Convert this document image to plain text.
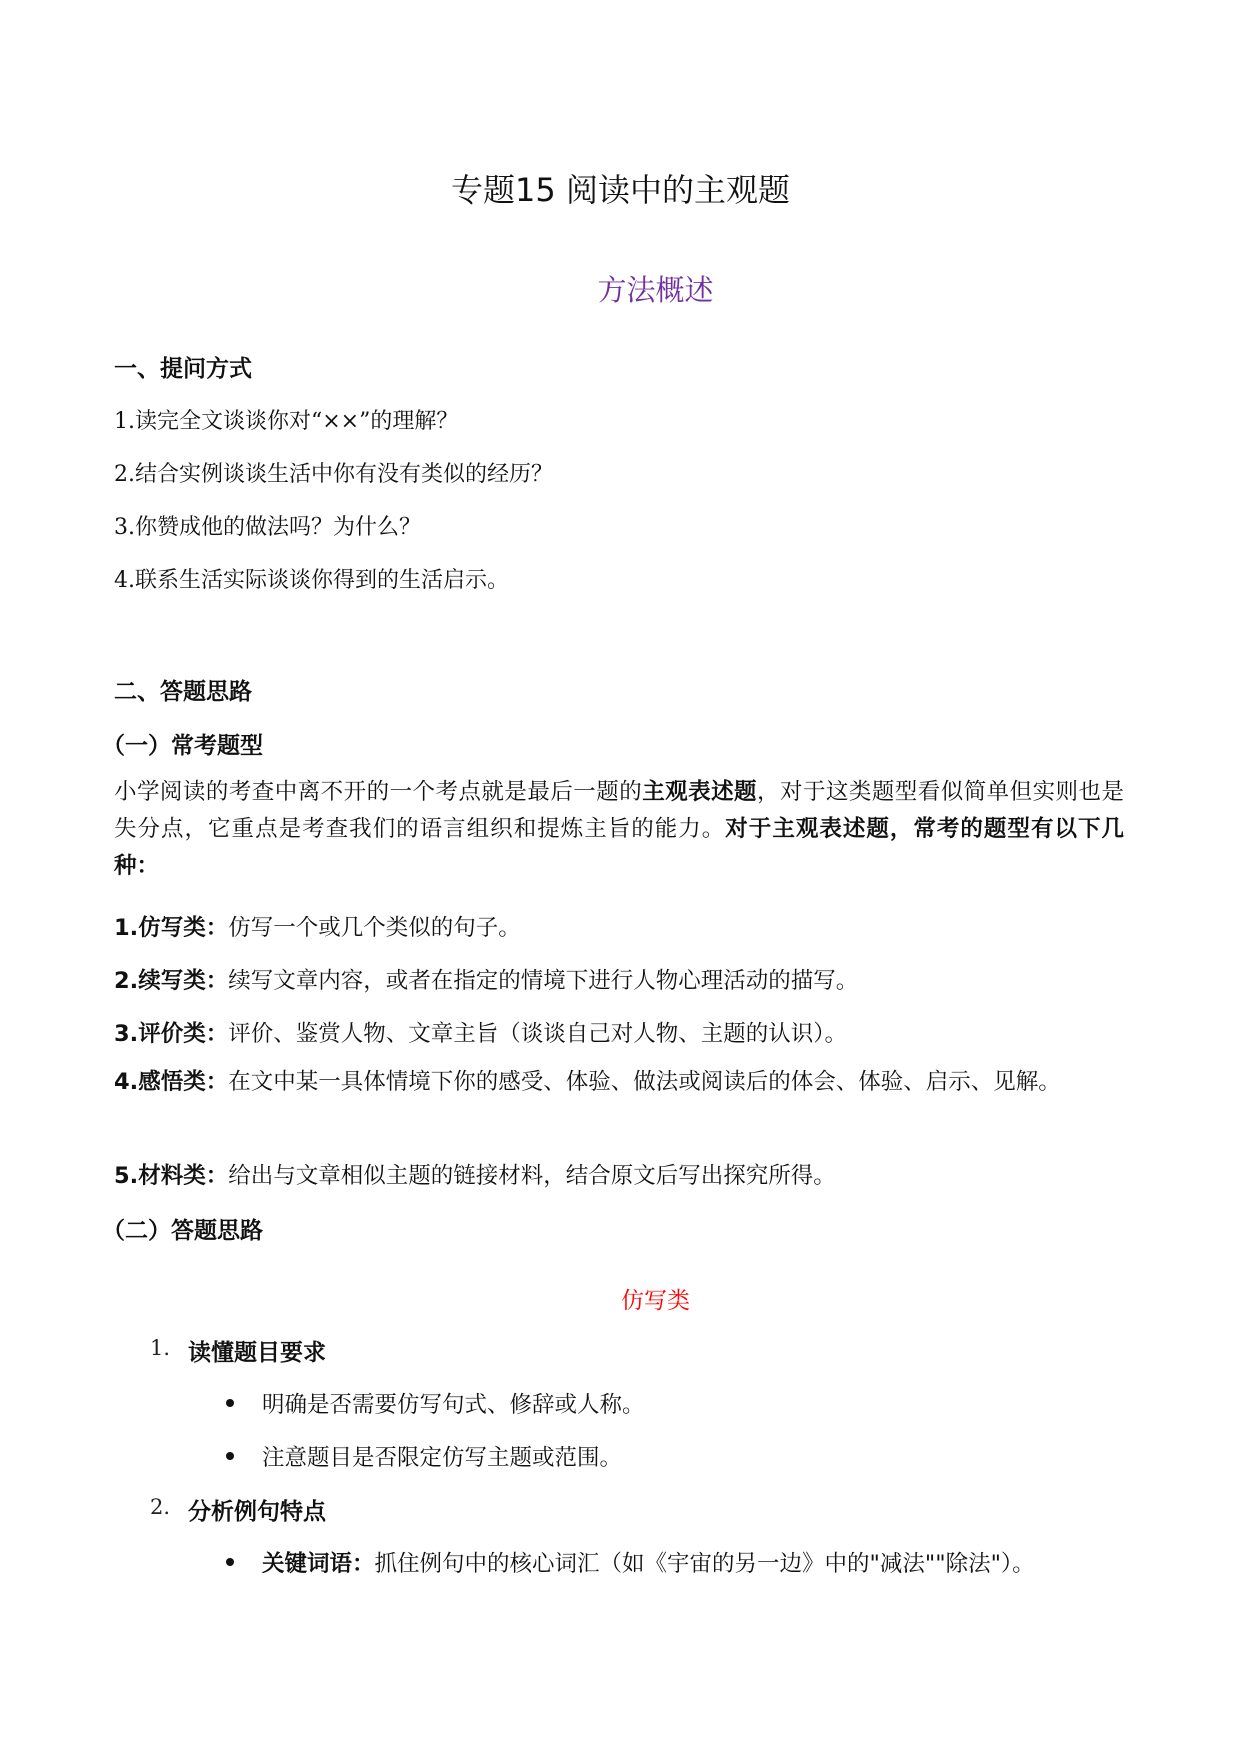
专题15 阅读中的主观题
方法概述
一、提问方式
1.读完全文谈谈你对“××”的理解？
2.结合实例谈谈生活中你有没有类似的经历？
3.你赞成他的做法吗？为什么？
4.联系生活实际谈谈你得到的生活启示。
二、答题思路
（一）常考题型
小学阅读的考查中离不开的一个考点就是最后一题的主观表述题，对于这类题型看似简单但实则也是失分点，它重点是考查我们的语言组织和提炼主旨的能力。对于主观表述题，常考的题型有以下几种：
1.仿写类：仿写一个或几个类似的句子。
2.续写类：续写文章内容，或者在指定的情境下进行人物心理活动的描写。
3.评价类：评价、鉴赏人物、文章主旨（谈谈自己对人物、主题的认识）。
4.感悟类：在文中某一具体情境下你的感受、体验、做法或阅读后的体会、体验、启示、见解。
5.材料类：给出与文章相似主题的链接材料，结合原文后写出探究所得。
（二）答题思路
仿写类
1. 读懂题目要求
明确是否需要仿写句式、修辞或人称。
注意题目是否限定仿写主题或范围。
2. 分析例句特点
关键词语：抓住例句中的核心词汇（如《宇宙的另一边》中的"减法""除法"）。
